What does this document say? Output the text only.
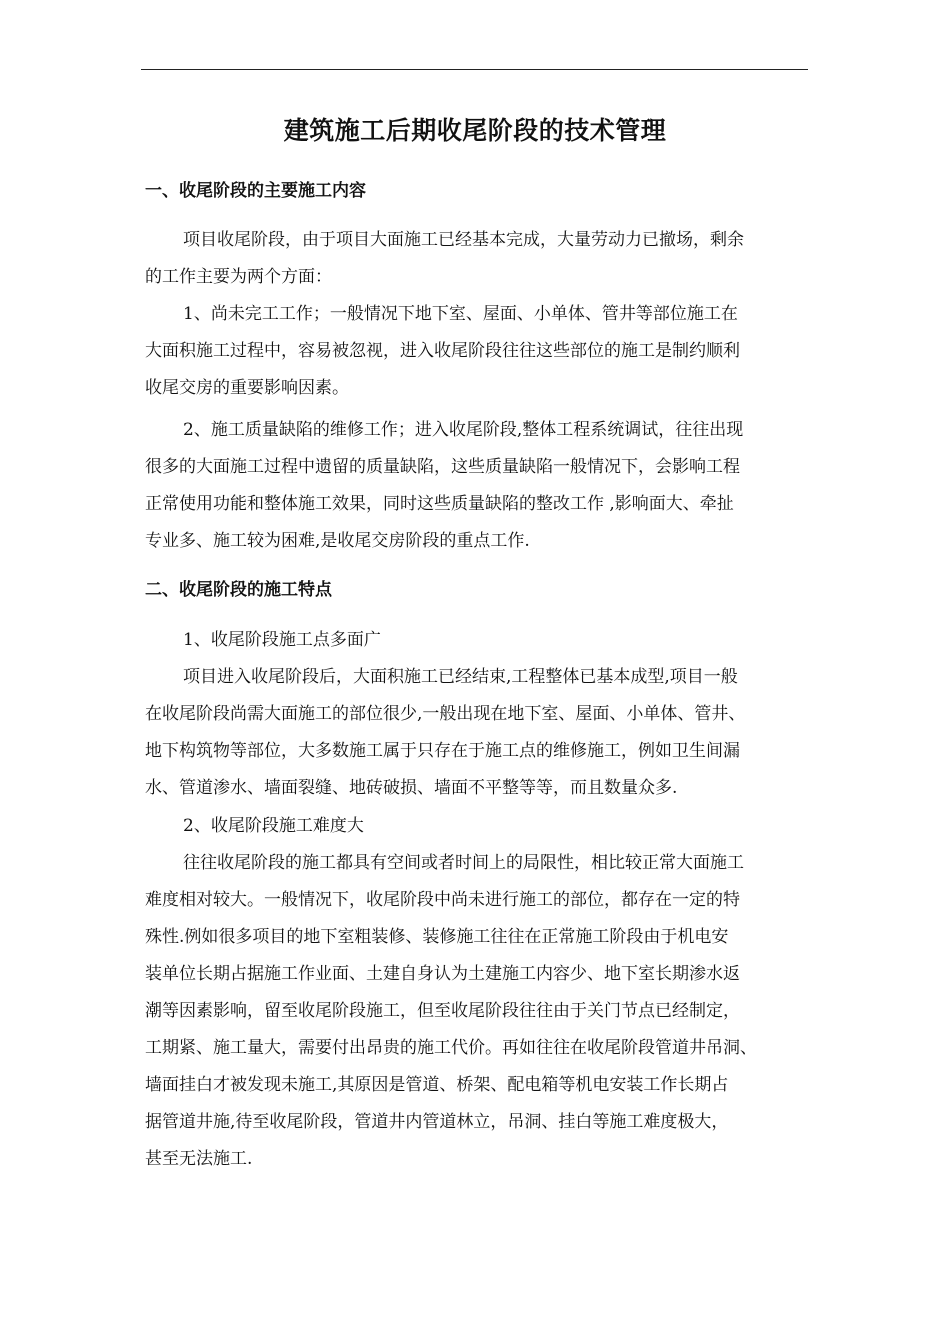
建筑施工后期收尾阶段的技术管理
一、收尾阶段的主要施工内容
项目收尾阶段，由于项目大面施工已经基本完成，大量劳动力已撤场，剩余
的工作主要为两个方面：
1、尚未完工工作；一般情况下地下室、屋面、小单体、管井等部位施工在
大面积施工过程中，容易被忽视，进入收尾阶段往往这些部位的施工是制约顺利
收尾交房的重要影响因素。
2、施工质量缺陷的维修工作；进入收尾阶段,整体工程系统调试，往往出现
很多的大面施工过程中遗留的质量缺陷，这些质量缺陷一般情况下，会影响工程
正常使用功能和整体施工效果，同时这些质量缺陷的整改工作 ,影响面大、牵扯
专业多、施工较为困难,是收尾交房阶段的重点工作.
二、收尾阶段的施工特点
1、收尾阶段施工点多面广
项目进入收尾阶段后，大面积施工已经结束,工程整体已基本成型,项目一般
在收尾阶段尚需大面施工的部位很少,一般出现在地下室、屋面、小单体、管井、
地下构筑物等部位，大多数施工属于只存在于施工点的维修施工，例如卫生间漏
水、管道渗水、墙面裂缝、地砖破损、墙面不平整等等，而且数量众多.
2、收尾阶段施工难度大
往往收尾阶段的施工都具有空间或者时间上的局限性，相比较正常大面施工
难度相对较大。一般情况下，收尾阶段中尚未进行施工的部位，都存在一定的特
殊性.例如很多项目的地下室粗装修、装修施工往往在正常施工阶段由于机电安
装单位长期占据施工作业面、土建自身认为土建施工内容少、地下室长期渗水返
潮等因素影响，留至收尾阶段施工，但至收尾阶段往往由于关门节点已经制定，
工期紧、施工量大，需要付出昂贵的施工代价。再如往往在收尾阶段管道井吊洞、
墙面挂白才被发现未施工,其原因是管道、桥架、配电箱等机电安装工作长期占
据管道井施,待至收尾阶段，管道井内管道林立，吊洞、挂白等施工难度极大，
甚至无法施工.
